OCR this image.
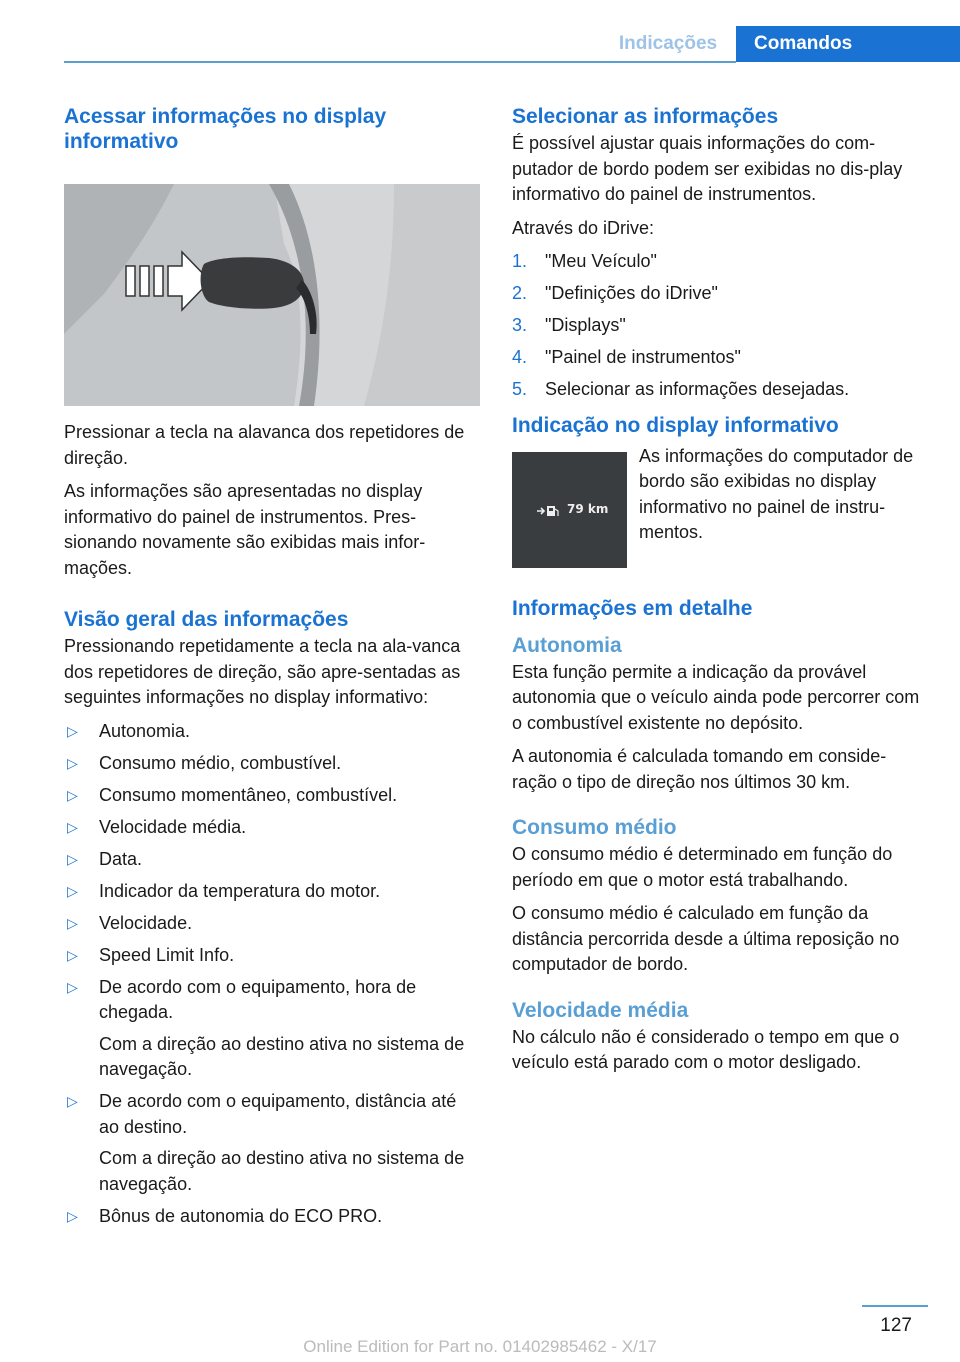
Indicações	Comandos
Acessar informações no display informativo

Pressionar a tecla na alavanca dos repetidores de direção.

As informações são apresentadas no display informativo do painel de instrumentos. Pres-sionando novamente são exibidas mais infor-mações.

Visão geral das informações

Pressionando repetidamente a tecla na ala-vanca dos repetidores de direção, são apre-sentadas as seguintes informações no display informativo:

▷ Autonomia.
▷ Consumo médio, combustível.
▷ Consumo momentâneo, combustível.
▷ Velocidade média.
▷ Data.
▷ Indicador da temperatura do motor.
▷ Velocidade.
▷ Speed Limit Info.
▷ De acordo com o equipamento, hora de chegada.
Com a direção ao destino ativa no sistema de navegação.
▷ De acordo com o equipamento, distância até ao destino.
Com a direção ao destino ativa no sistema de navegação.
▷ Bônus de autonomia do ECO PRO.
Selecionar as informações

É possível ajustar quais informações do com-putador de bordo podem ser exibidas no dis-play informativo do painel de instrumentos.

Através do iDrive:

1. "Meu Veículo"
2. "Definições do iDrive"
3. "Displays"
4. "Painel de instrumentos"
5. Selecionar as informações desejadas.
Indicação no display informativo
79 km
As informações do computador de bordo são exibidas no display informativo no painel de instru-mentos.
Informações em detalhe
Autonomia

Esta função permite a indicação da provável autonomia que o veículo ainda pode percorrer com o combustível existente no depósito.

A autonomia é calculada tomando em conside-ração o tipo de direção nos últimos 30 km.

Consumo médio

O consumo médio é determinado em função do período em que o motor está trabalhando.

O consumo médio é calculado em função da distância percorrida desde a última reposição no computador de bordo.

Velocidade média

No cálculo não é considerado o tempo em que o veículo está parado com o motor desligado.

127
Online Edition for Part no. 01402985462 - X/17
